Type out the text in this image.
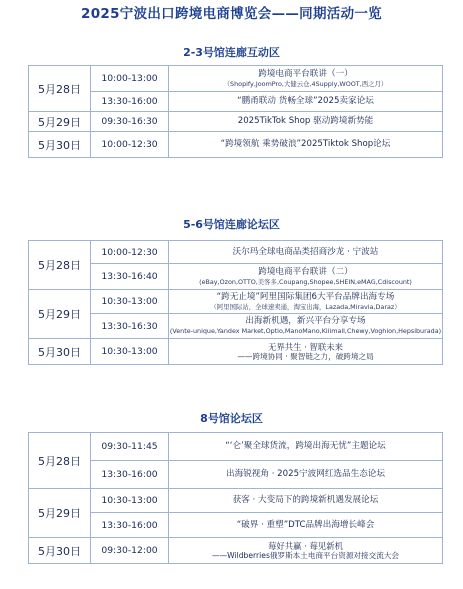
2025宁波出口跨境电商博览会——同期活动一览
2-3号馆连廊互动区
5月28日	10:00-13:00	跨境电商平台联讲（一）
（Shopify,JoomPro,大健云仓,4Supply,WOOT,西之月）

	13:30-16:00	“鹏甬联动 货畅全球”2025卖家论坛
5月29日	09:30-16:30	2025TikTok Shop 驱动跨境新势能
5月30日	10:00-12:30	“跨境领航 乘势破浪”2025Tiktok Shop论坛
5-6号馆连廊论坛区
5月28日	10:00-12:30	沃尔玛全球电商品类招商沙龙 · 宁波站
	13:30-16:40	跨境电商平台联讲（二）
(eBay,Ozon,OTTO,美客多,Coupang,Shopee,SHEIN,eMAG,Cdiscount)

5月29日	10:30-13:00	“跨无止境”阿里国际集团6大平台品牌出海专场
（阿里国际站，全球速卖通，淘宝出海，Lazada,Miravia,Daraz）

	13:30-16:30	出海新机遇，新兴平台分享专场
(Vente-unique,Yandex Market,Optio,ManoMano,Kilimall,Chewy,Voghion,Hepsiburada)

5月30日	10:30-13:00	无界共生 · 智联未来
——跨境协同 · 聚智链之力，破跨境之局
8号馆论坛区
5月28日	09:30-11:45	“‘仑’聚全球货流，跨境出海无忧”主题论坛
	13:30-16:00	出海锐视角 · 2025宁波网红选品生态论坛
5月29日	10:30-13:00	获客 · 大变局下的跨境新机遇发展论坛
	13:30-16:00	“破界 · 重塑”DTC品牌出海增长峰会
5月30日	09:30-12:00	莓好共赢 · 莓见新机
——Wildberries俄罗斯本土电商平台资源对接交流大会
